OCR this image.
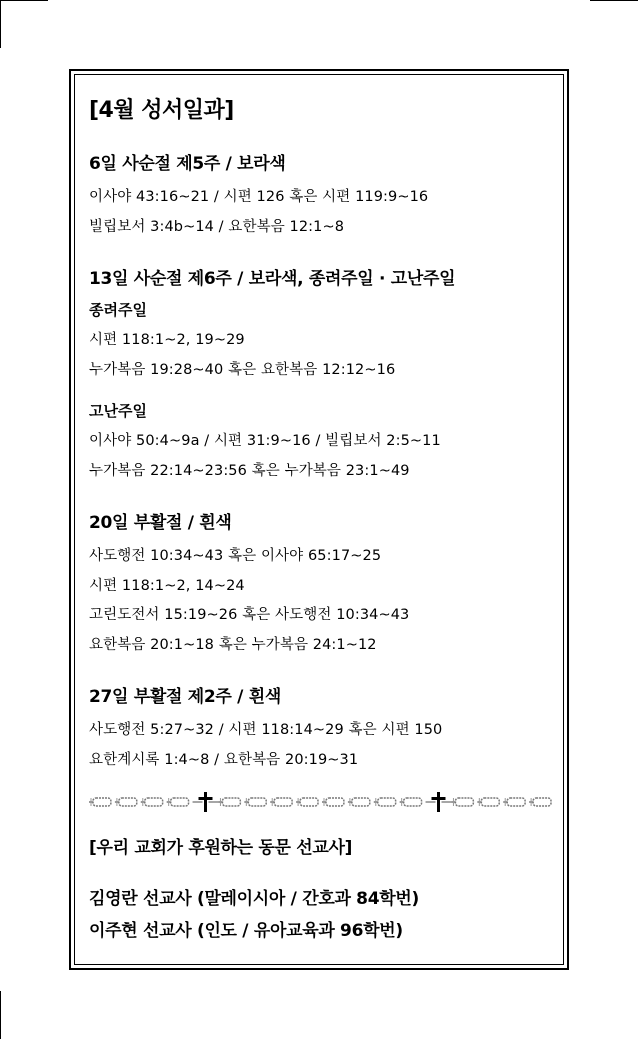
[4월 성서일과]
6일 사순절 제5주 / 보라색

이사야 43:16~21 / 시편 126 혹은 시편 119:9~16

빌립보서 3:4b~14 / 요한복음 12:1~8

13일 사순절 제6주 / 보라색, 종려주일 · 고난주일
종려주일

시편 118:1~2, 19~29

누가복음 19:28~40 혹은 요한복음 12:12~16

고난주일

이사야 50:4~9a / 시편 31:9~16 / 빌립보서 2:5~11

누가복음 22:14~23:56 혹은 누가복음 23:1~49

20일 부활절 / 흰색

사도행전 10:34~43 혹은 이사야 65:17~25

시편 118:1~2, 14~24

고린도전서 15:19~26 혹은 사도행전 10:34~43

요한복음 20:1~18 혹은 누가복음 24:1~12

27일 부활절 제2주 / 흰색

사도행전 5:27~32 / 시편 118:14~29 혹은 시편 150

요한계시록 1:4~8 / 요한복음 20:19~31

[우리 교회가 후원하는 동문 선교사]

김영란 선교사 (말레이시아 / 간호과 84학번)

이주현 선교사 (인도 / 유아교육과 96학번)
